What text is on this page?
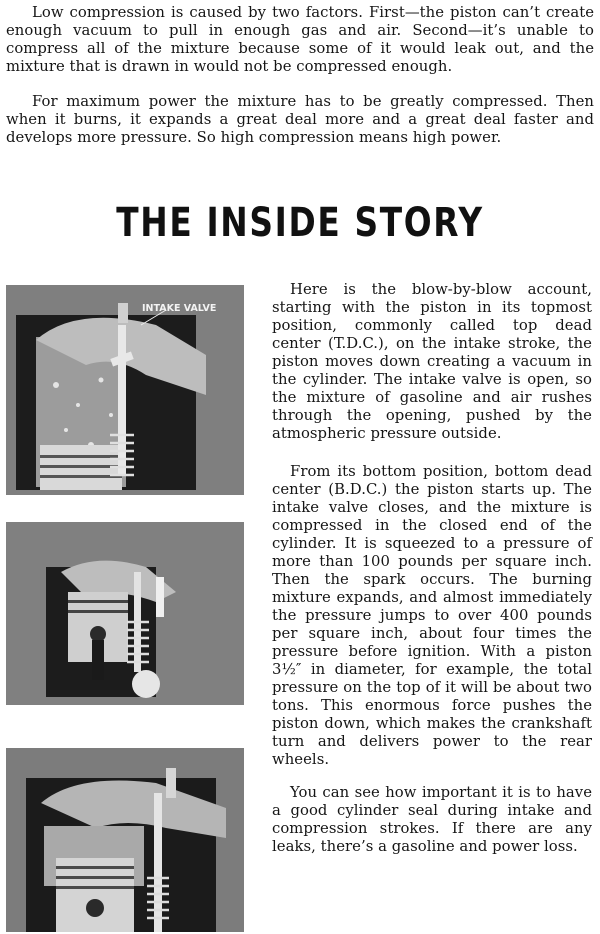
Low compression is caused by two factors. First—the piston can’t create enough vacuum to pull in enough gas and air. Second—it’s unable to compress all of the mixture because some of it would leak out, and the mixture that is drawn in would not be compressed enough.

For maximum power the mixture has to be greatly compressed. Then when it burns, it expands a great deal more and a great deal faster and develops more pressure. So high compression means high power.

THE INSIDE STORY
INTAKE VALVE

Here is the blow-by-blow account, starting with the piston in its topmost position, commonly called top dead center (T.D.C.), on the intake stroke, the piston moves down creating a vacuum in the cylinder. The intake valve is open, so the mixture of gasoline and air rushes through the opening, pushed by the atmospheric pressure outside.

From its bottom position, bottom dead center (B.D.C.) the piston starts up. The intake valve closes, and the mixture is compressed in the closed end of the cylinder. It is squeezed to a pressure of more than 100 pounds per square inch. Then the spark occurs. The burning mixture expands, and almost immediately the pressure jumps to over 400 pounds per square inch, about four times the pressure before ignition. With a piston 3½″ in diameter, for example, the total pressure on the top of it will be about two tons. This enormous force pushes the piston down, which makes the crankshaft turn and delivers power to the rear wheels.

You can see how important it is to have a good cylinder seal during intake and compression strokes. If there are any leaks, there’s a gasoline and power loss.
